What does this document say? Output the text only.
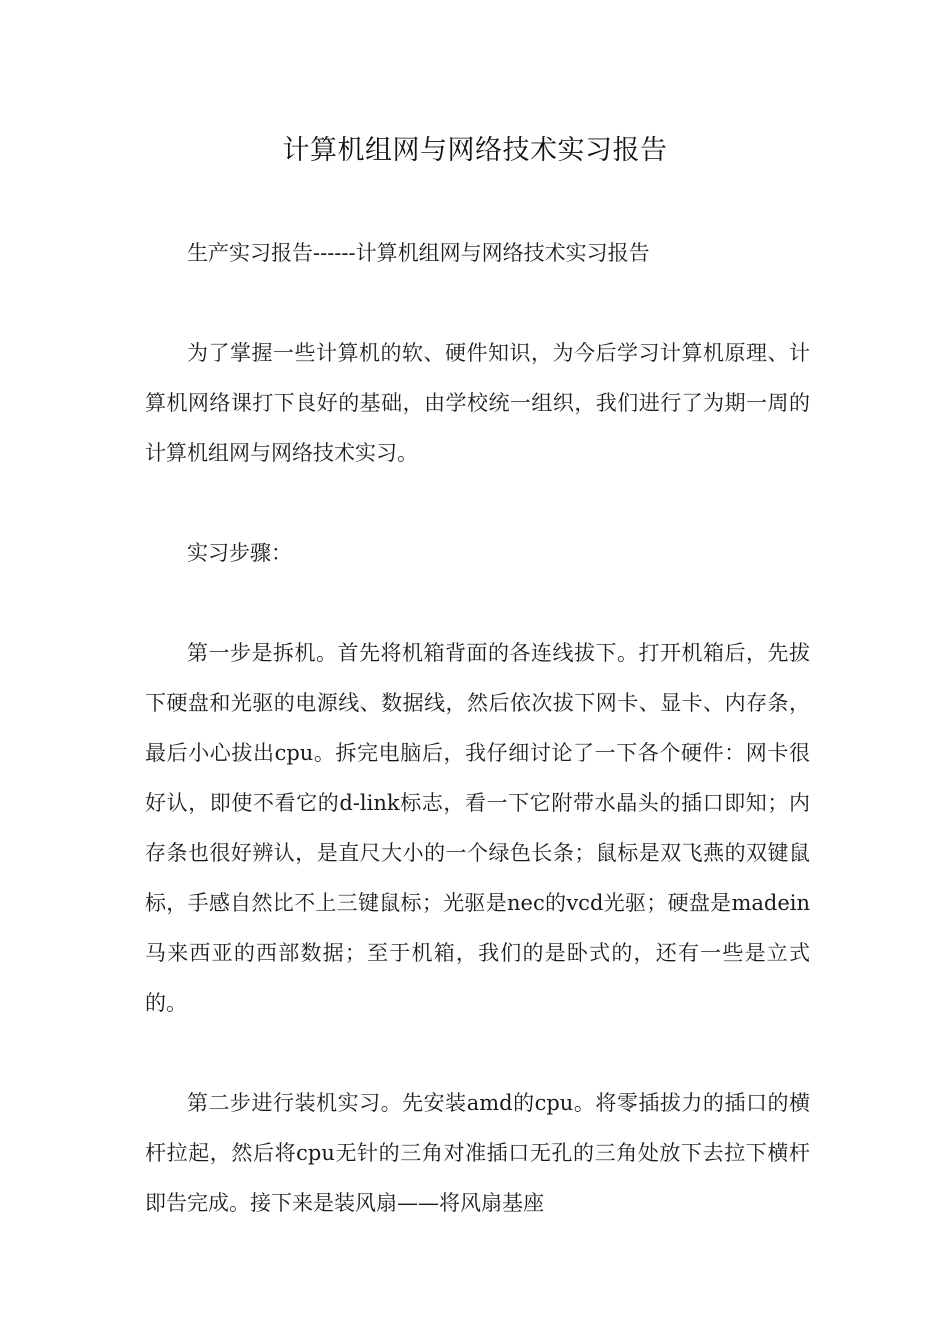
计算机组网与网络技术实习报告

生产实习报告------计算机组网与网络技术实习报告

为了掌握一些计算机的软、硬件知识，为今后学习计算机原理、计算机网络课打下良好的基础，由学校统一组织，我们进行了为期一周的计算机组网与网络技术实习。

实习步骤：

第一步是拆机。首先将机箱背面的各连线拔下。打开机箱后，先拔下硬盘和光驱的电源线、数据线，然后依次拔下网卡、显卡、内存条，最后小心拔出cpu。拆完电脑后，我仔细讨论了一下各个硬件：网卡很好认，即使不看它的d-link标志，看一下它附带水晶头的插口即知；内存条也很好辨认，是直尺大小的一个绿色长条；鼠标是双飞燕的双键鼠标，手感自然比不上三键鼠标；光驱是nec的vcd光驱；硬盘是madein马来西亚的西部数据；至于机箱，我们的是卧式的，还有一些是立式的。

第二步进行装机实习。先安装amd的cpu。将零插拔力的插口的横杆拉起，然后将cpu无针的三角对准插口无孔的三角处放下去拉下横杆即告完成。接下来是装风扇——将风扇基座
